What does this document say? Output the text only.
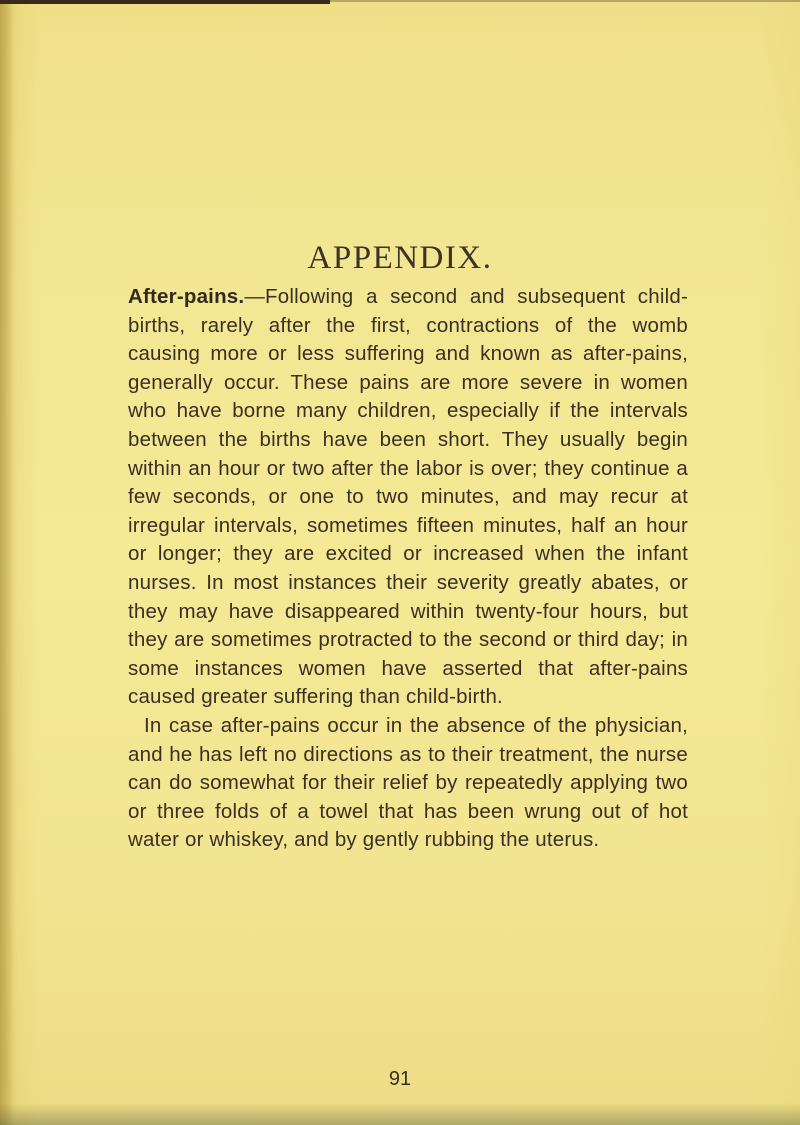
APPENDIX.

After-pains.—Following a second and subsequent child-births, rarely after the first, contractions of the womb causing more or less suffering and known as after-pains, generally occur. These pains are more severe in women who have borne many children, especially if the intervals between the births have been short. They usually begin within an hour or two after the labor is over; they continue a few seconds, or one to two minutes, and may recur at irregular intervals, sometimes fifteen minutes, half an hour or longer; they are excited or increased when the infant nurses. In most instances their severity greatly abates, or they may have disappeared within twenty-four hours, but they are sometimes protracted to the second or third day; in some instances women have asserted that after-pains caused greater suffering than child-birth.

In case after-pains occur in the absence of the physician, and he has left no directions as to their treatment, the nurse can do somewhat for their relief by repeatedly applying two or three folds of a towel that has been wrung out of hot water or whiskey, and by gently rubbing the uterus.

91
